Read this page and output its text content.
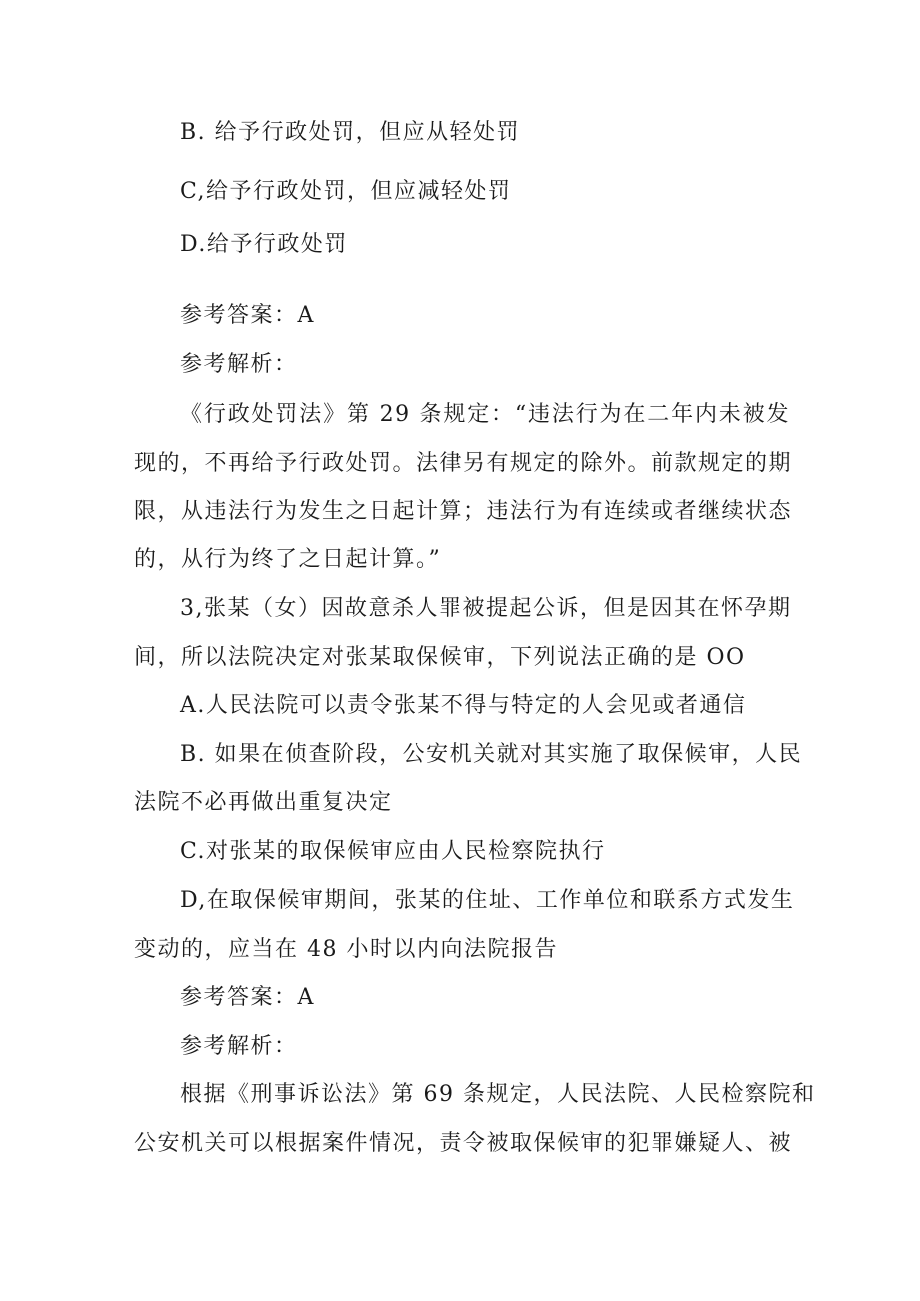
B. 给予行政处罚，但应从轻处罚
C,给予行政处罚，但应减轻处罚
D.给予行政处罚
参考答案：A
参考解析：
《行政处罚法》第 29 条规定：“违法行为在二年内未被发
现的，不再给予行政处罚。法律另有规定的除外。前款规定的期
限，从违法行为发生之日起计算；违法行为有连续或者继续状态
的，从行为终了之日起计算。”
3,张某（女）因故意杀人罪被提起公诉，但是因其在怀孕期
间，所以法院决定对张某取保候审，下列说法正确的是 OO
A.人民法院可以责令张某不得与特定的人会见或者通信
B. 如果在侦查阶段，公安机关就对其实施了取保候审，人民
法院不必再做出重复决定
C.对张某的取保候审应由人民检察院执行
D,在取保候审期间，张某的住址、工作单位和联系方式发生
变动的，应当在 48 小时以内向法院报告
参考答案：A
参考解析：
根据《刑事诉讼法》第 69 条规定，人民法院、人民检察院和
公安机关可以根据案件情况，责令被取保候审的犯罪嫌疑人、被
